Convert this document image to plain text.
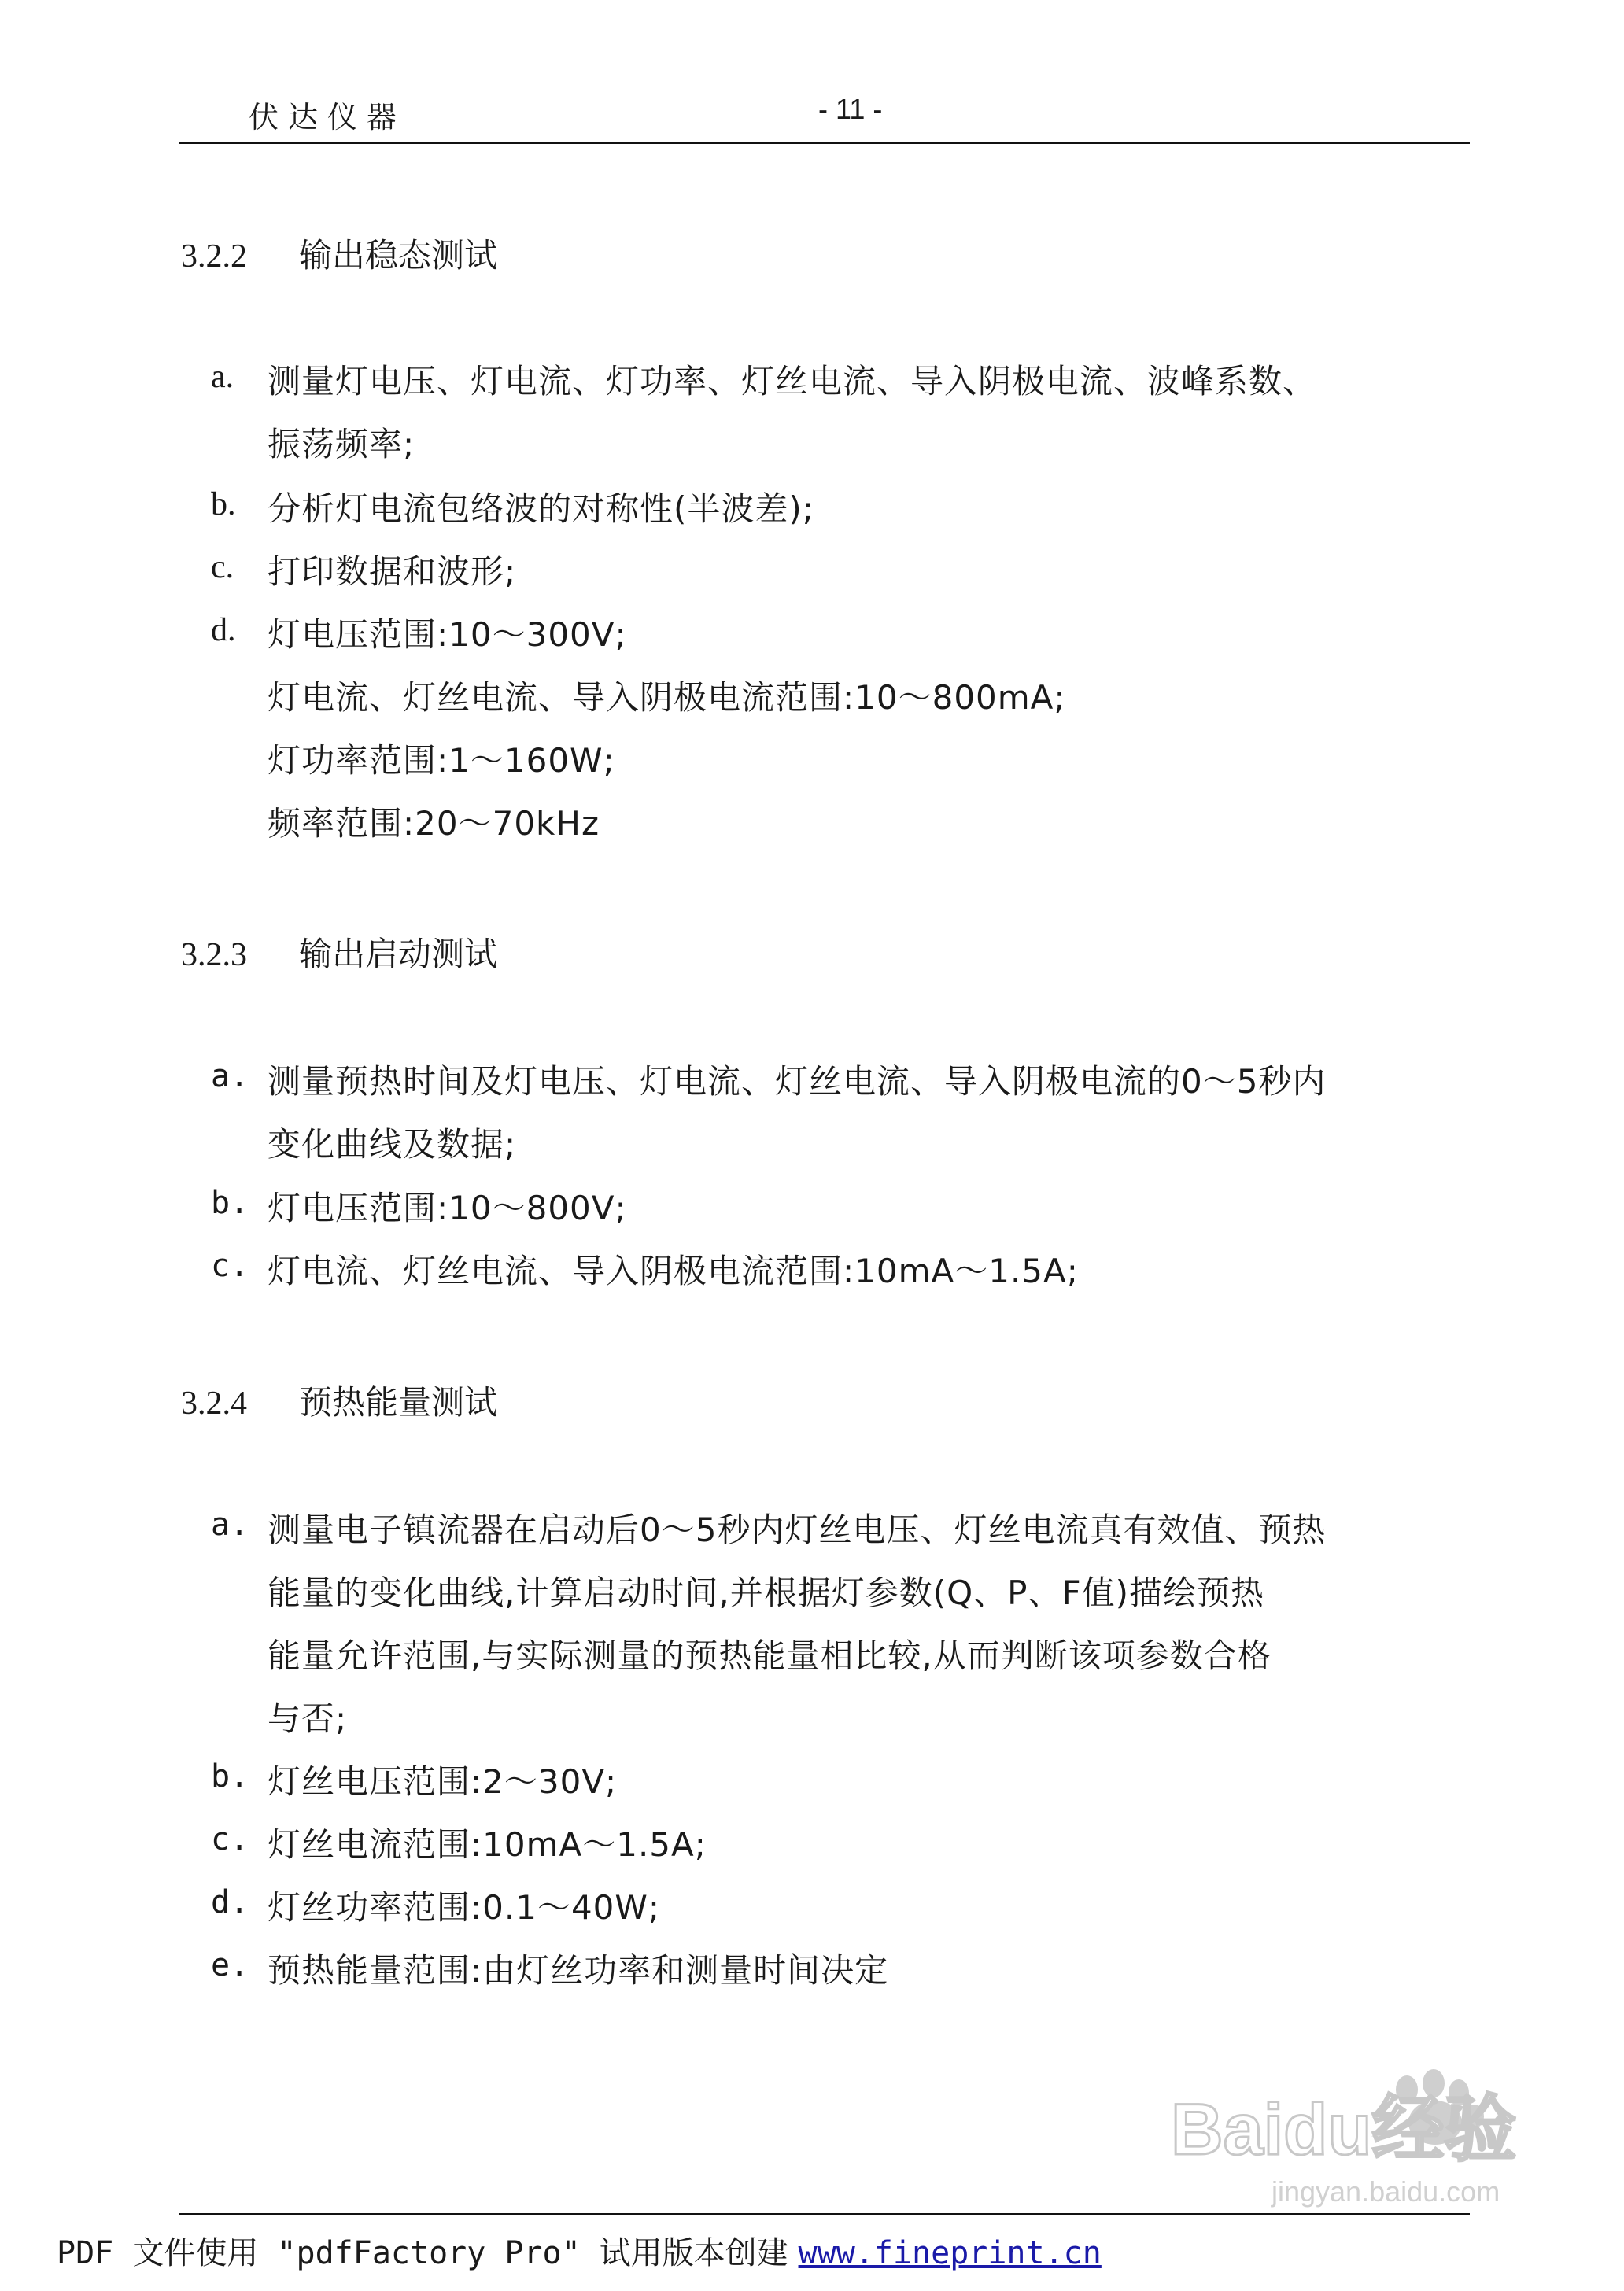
伏达仪器	- 11 -
3.2.2 输出稳态测试
a. 测量灯电压、灯电流、灯功率、灯丝电流、导入阴极电流、波峰系数、
振荡频率;
b. 分析灯电流包络波的对称性(半波差);
c. 打印数据和波形;
d. 灯电压范围:10～300V;
灯电流、灯丝电流、导入阴极电流范围:10～800mA;
灯功率范围:1～160W;
频率范围:20～70kHz
3.2.3 输出启动测试
a. 测量预热时间及灯电压、灯电流、灯丝电流、导入阴极电流的0～5秒内
变化曲线及数据;
b. 灯电压范围:10～800V;
c. 灯电流、灯丝电流、导入阴极电流范围:10mA～1.5A;
3.2.4 预热能量测试
a. 测量电子镇流器在启动后0～5秒内灯丝电压、灯丝电流真有效值、预热
能量的变化曲线,计算启动时间,并根据灯参数(Q、P、F值)描绘预热
能量允许范围,与实际测量的预热能量相比较,从而判断该项参数合格
与否;
b. 灯丝电压范围:2～30V;
c. 灯丝电流范围:10mA～1.5A;
d. 灯丝功率范围:0.1～40W;
e. 预热能量范围:由灯丝功率和测量时间决定
Baidu经验
jingyan.baidu.com
PDF 文件使用 "pdfFactory Pro" 试用版本创建 www.fineprint.cn
